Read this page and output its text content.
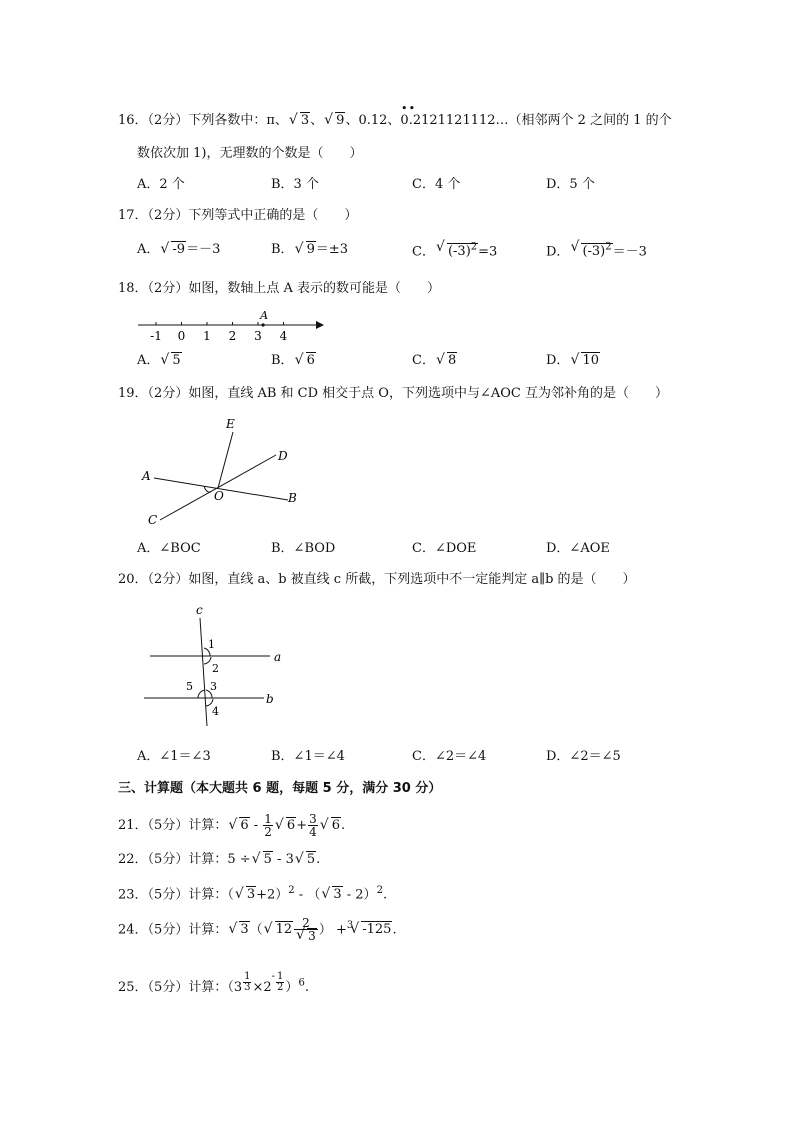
16．（2分）下列各数中：π、 √ 3、 √ 9、0.12、0.2121121112…（相邻两个 2 之间的 1 的个
• •
数依次加 1)，无理数的个数是（　　）
A．2 个	B．3 个	C．4 个	D．5 个
17．（2分）下列等式中正确的是（　　）
A． √ -9＝－3	B． √ 9＝±3	C． √ $(-3)^2=3$	D． √ $(-3)^2=-3$
18．（2分）如图，数轴上点 A 表示的数可能是（　　）
-1 0 1 2 3 4
A
A． √ 5	B． √ 6	C． √ 8	D． √ 10
19．（2分）如图，直线 AB 和 CD 相交于点 O，下列选项中与∠AOC 互为邻补角的是（　　）
E
D
A
O	B
C
A．∠BOC	B．∠BOD	C．∠DOE	D．∠AOE
20．（2分）如图，直线 a、b 被直线 c 所截，下列选项中不一定能判定 a∥b 的是（　　）
c
a
b
1
2
3
4
5
A．∠1＝∠3	B．∠1＝∠4	C．∠2＝∠4	D．∠2＝∠5
三、计算题（本大题共 6 题，每题 5 分，满分 30 分）
21．（5分）计算： √ $6 - \frac{1}{2}$ √ $6+ \frac{3}{4}$ √ 6.
22．（5分）计算：5 ÷ √ 5 - 3 √ 5.
23．（5分）计算：（ √ 3+2）$^2$ - （ √ 3 - 2）$^2$.
24．（5分）计算： √ 3（ √ 12 2
√ 3 ） +$^3$ √ -125.
25．（5分）计算：$(3 \frac{1}{3} \times 2^- \frac{1}{2} )^6$.
